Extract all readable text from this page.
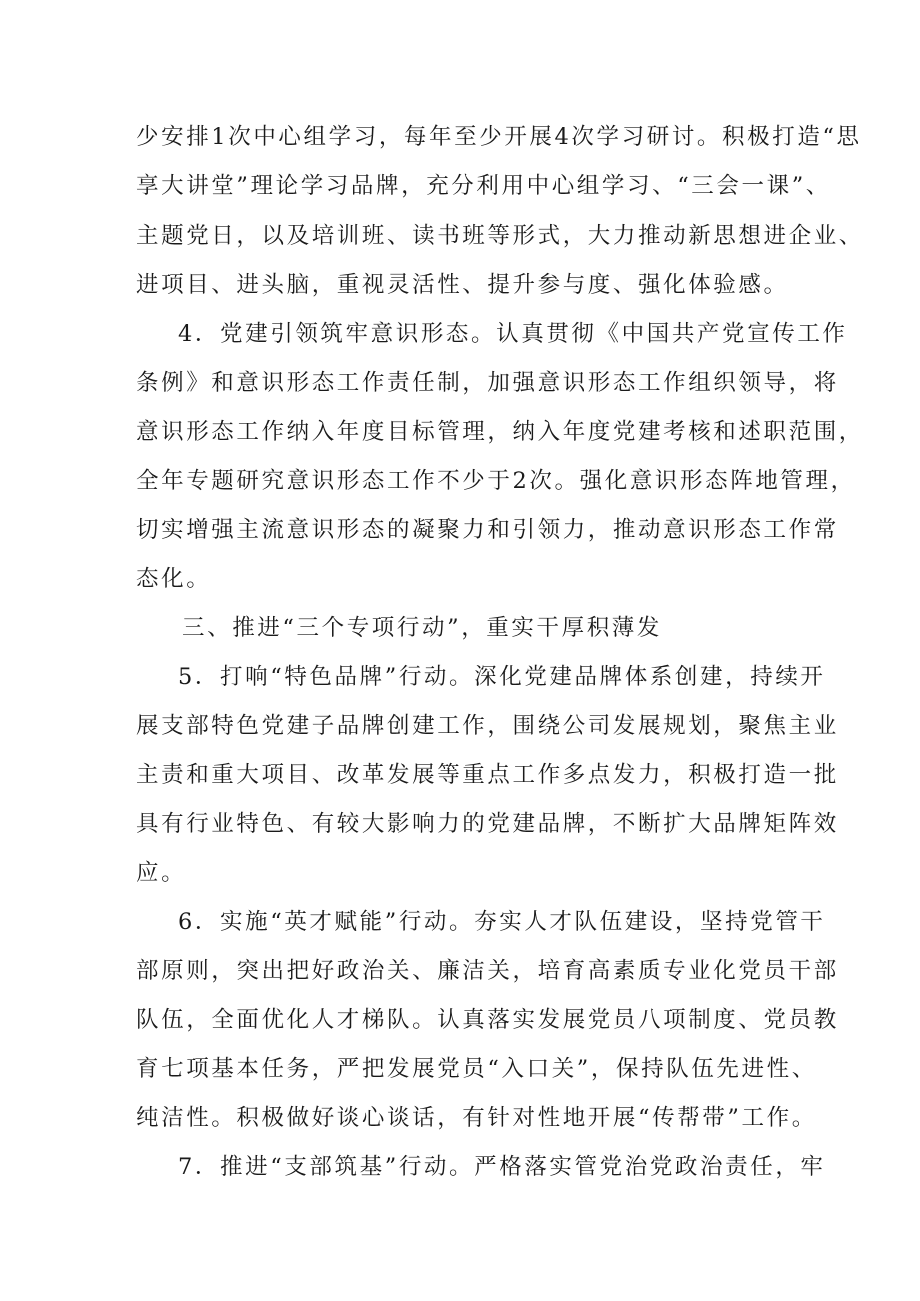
少安排1次中心组学习，每年至少开展4次学习研讨。积极打造“思
享大讲堂”理论学习品牌，充分利用中心组学习、“三会一课”、
主题党日，以及培训班、读书班等形式，大力推动新思想进企业、
进项目、进头脑，重视灵活性、提升参与度、强化体验感。
4．党建引领筑牢意识形态。认真贯彻《中国共产党宣传工作
条例》和意识形态工作责任制，加强意识形态工作组织领导，将
意识形态工作纳入年度目标管理，纳入年度党建考核和述职范围，
全年专题研究意识形态工作不少于2次。强化意识形态阵地管理，
切实增强主流意识形态的凝聚力和引领力，推动意识形态工作常
态化。
三、推进“三个专项行动”，重实干厚积薄发
5．打响“特色品牌”行动。深化党建品牌体系创建，持续开
展支部特色党建子品牌创建工作，围绕公司发展规划，聚焦主业
主责和重大项目、改革发展等重点工作多点发力，积极打造一批
具有行业特色、有较大影响力的党建品牌，不断扩大品牌矩阵效
应。
6．实施“英才赋能”行动。夯实人才队伍建设，坚持党管干
部原则，突出把好政治关、廉洁关，培育高素质专业化党员干部
队伍，全面优化人才梯队。认真落实发展党员八项制度、党员教
育七项基本任务，严把发展党员“入口关”，保持队伍先进性、
纯洁性。积极做好谈心谈话，有针对性地开展“传帮带”工作。
7．推进“支部筑基”行动。严格落实管党治党政治责任，牢
